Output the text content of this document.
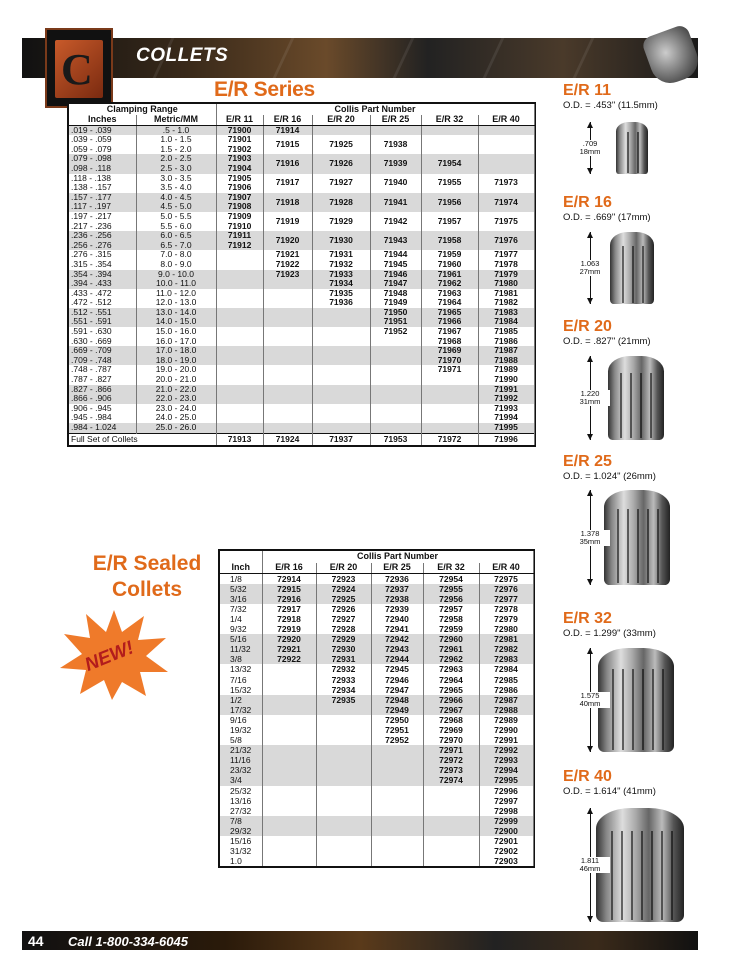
C COLLETS
E/R Series
Clamping Range		Collis Part Number					
Inches	Metric/MM	E/R 11	E/R 16	E/R 20	E/R 25	E/R 32	E/R 40
.019 - .039	.5 - 1.0	71900	71914				
.039 - .059	1.0 - 1.5	71901	71915	71925	71938		
.059 - .079	1.5 - 2.0	71902					
.079 - .098	2.0 - 2.5	71903	71916	71926	71939	71954	
.098 - .118	2.5 - 3.0	71904					
.118 - .138	3.0 - 3.5	71905	71917	71927	71940	71955	71973
.138 - .157	3.5 - 4.0	71906					
.157 - .177	4.0 - 4.5	71907	71918	71928	71941	71956	71974
.117 - .197	4.5 - 5.0	71908					
.197 - .217	5.0 - 5.5	71909	71919	71929	71942	71957	71975
.217 - .236	5.5 - 6.0	71910					
.236 - .256	6.0 - 6.5	71911	71920	71930	71943	71958	71976
.256 - .276	6.5 - 7.0	71912					
.276 - .315	7.0 - 8.0		71921	71931	71944	71959	71977
.315 - .354	8.0 - 9.0		71922	71932	71945	71960	71978
.354 - .394	9.0 - 10.0		71923	71933	71946	71961	71979
.394 - .433	10.0 - 11.0			71934	71947	71962	71980
.433 - .472	11.0 - 12.0			71935	71948	71963	71981
.472 - .512	12.0 - 13.0			71936	71949	71964	71982
.512 - .551	13.0 - 14.0				71950	71965	71983
.551 - .591	14.0 - 15.0				71951	71966	71984
.591 - .630	15.0 - 16.0				71952	71967	71985
.630 - .669	16.0 - 17.0					71968	71986
.669 - .709	17.0 - 18.0					71969	71987
.709 - .748	18.0 - 19.0					71970	71988
.748 - .787	19.0 - 20.0					71971	71989
.787 - .827	20.0 - 21.0						71990
.827 - .866	21.0 - 22.0						71991
.866 - .906	22.0 - 23.0						71992
.906 - .945	23.0 - 24.0						71993
.945 - .984	24.0 - 25.0						71994
.984 - 1.024	25.0 - 26.0						71995
Full Set of Collets		71913	71924	71937	71953	71972	71996
E/R Sealed
Collets
NEW!
	Collis Part Number				
Inch	E/R 16	E/R 20	E/R 25	E/R 32	E/R 40
1/8	72914	72923	72936	72954	72975
5/32	72915	72924	72937	72955	72976
3/16	72916	72925	72938	72956	72977
7/32	72917	72926	72939	72957	72978
1/4	72918	72927	72940	72958	72979
9/32	72919	72928	72941	72959	72980
5/16	72920	72929	72942	72960	72981
11/32	72921	72930	72943	72961	72982
3/8	72922	72931	72944	72962	72983
13/32		72932	72945	72963	72984
7/16		72933	72946	72964	72985
15/32		72934	72947	72965	72986
1/2		72935	72948	72966	72987
17/32			72949	72967	72988
9/16			72950	72968	72989
19/32			72951	72969	72990
5/8			72952	72970	72991
21/32				72971	72992
11/16				72972	72993
23/32				72973	72994
3/4				72974	72995
25/32					72996
13/16					72997
27/32					72998
7/8					72999
29/32					72900
15/16					72901
31/32					72902
1.0					72903
E/R 11
O.D. = .453" (11.5mm)
.709
18mm
E/R 16
O.D. = .669" (17mm)
1.063
27mm
E/R 20
O.D. = .827" (21mm)
1.220
31mm
E/R 25
O.D. = 1.024" (26mm)
1.378
35mm
E/R 32
O.D. = 1.299" (33mm)
1.575
40mm
E/R 40
O.D. = 1.614" (41mm)
1.811
46mm
44 Call 1-800-334-6045
